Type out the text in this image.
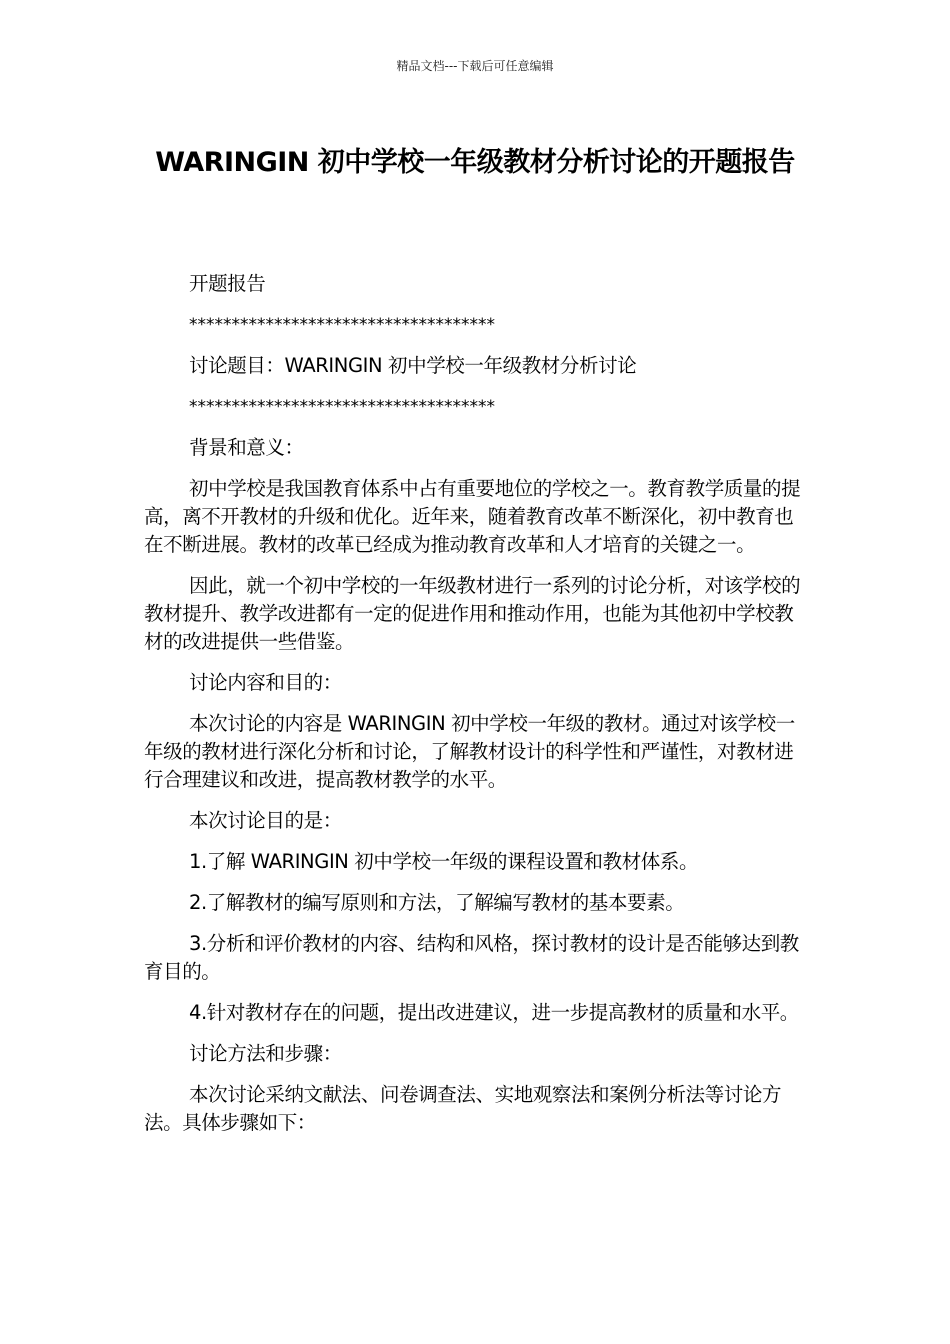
精品文档---下载后可任意编辑
WARINGIN 初中学校一年级教材分析讨论的开题报告

开题报告

************************************

讨论题目：WARINGIN 初中学校一年级教材分析讨论

************************************

背景和意义：

初中学校是我国教育体系中占有重要地位的学校之一。教育教学质量的提高，离不开教材的升级和优化。近年来，随着教育改革不断深化，初中教育也在不断进展。教材的改革已经成为推动教育改革和人才培育的关键之一。

因此，就一个初中学校的一年级教材进行一系列的讨论分析，对该学校的教材提升、教学改进都有一定的促进作用和推动作用，也能为其他初中学校教材的改进提供一些借鉴。

讨论内容和目的：

本次讨论的内容是 WARINGIN 初中学校一年级的教材。通过对该学校一年级的教材进行深化分析和讨论，了解教材设计的科学性和严谨性，对教材进行合理建议和改进，提高教材教学的水平。

本次讨论目的是：

1.了解 WARINGIN 初中学校一年级的课程设置和教材体系。

2.了解教材的编写原则和方法，了解编写教材的基本要素。

3.分析和评价教材的内容、结构和风格，探讨教材的设计是否能够达到教育目的。

4.针对教材存在的问题，提出改进建议，进一步提高教材的质量和水平。

讨论方法和步骤：

本次讨论采纳文献法、问卷调查法、实地观察法和案例分析法等讨论方法。具体步骤如下：
